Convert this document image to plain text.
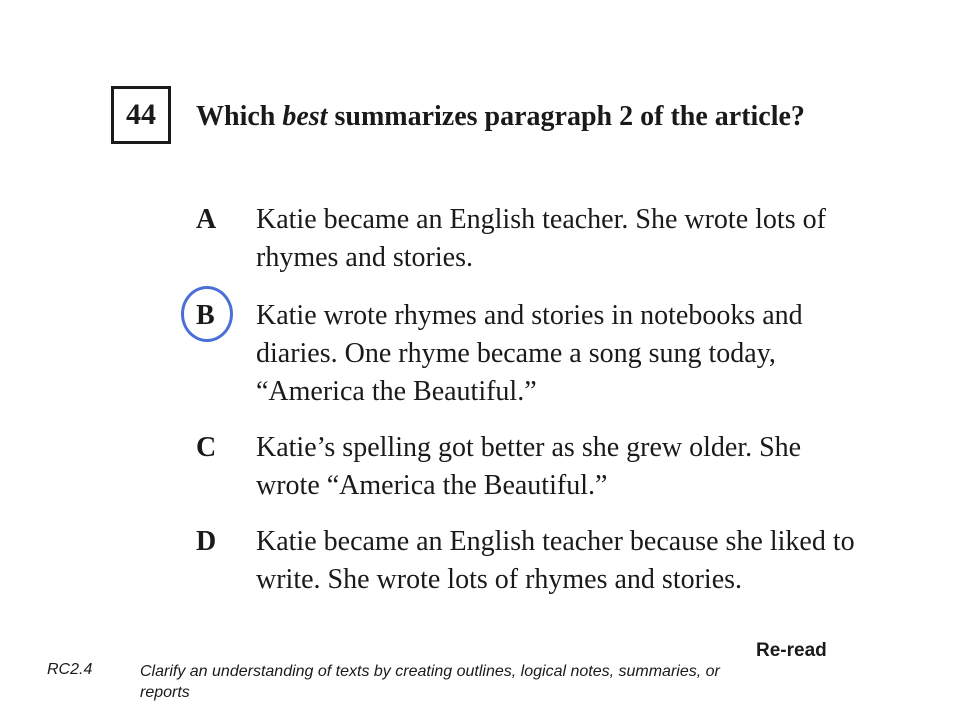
44 Which best summarizes paragraph 2 of the article?
A	Katie became an English teacher. She wrote lots of rhymes and stories.
B	Katie wrote rhymes and stories in notebooks and diaries. One rhyme became a song sung today, “America the Beautiful.”
C	Katie’s spelling got better as she grew older. She wrote “America the Beautiful.”
D	Katie became an English teacher because she liked to write. She wrote lots of rhymes and stories.
Re-read
RC2.4	Clarify an understanding of texts by creating outlines, logical notes, summaries, or reports
